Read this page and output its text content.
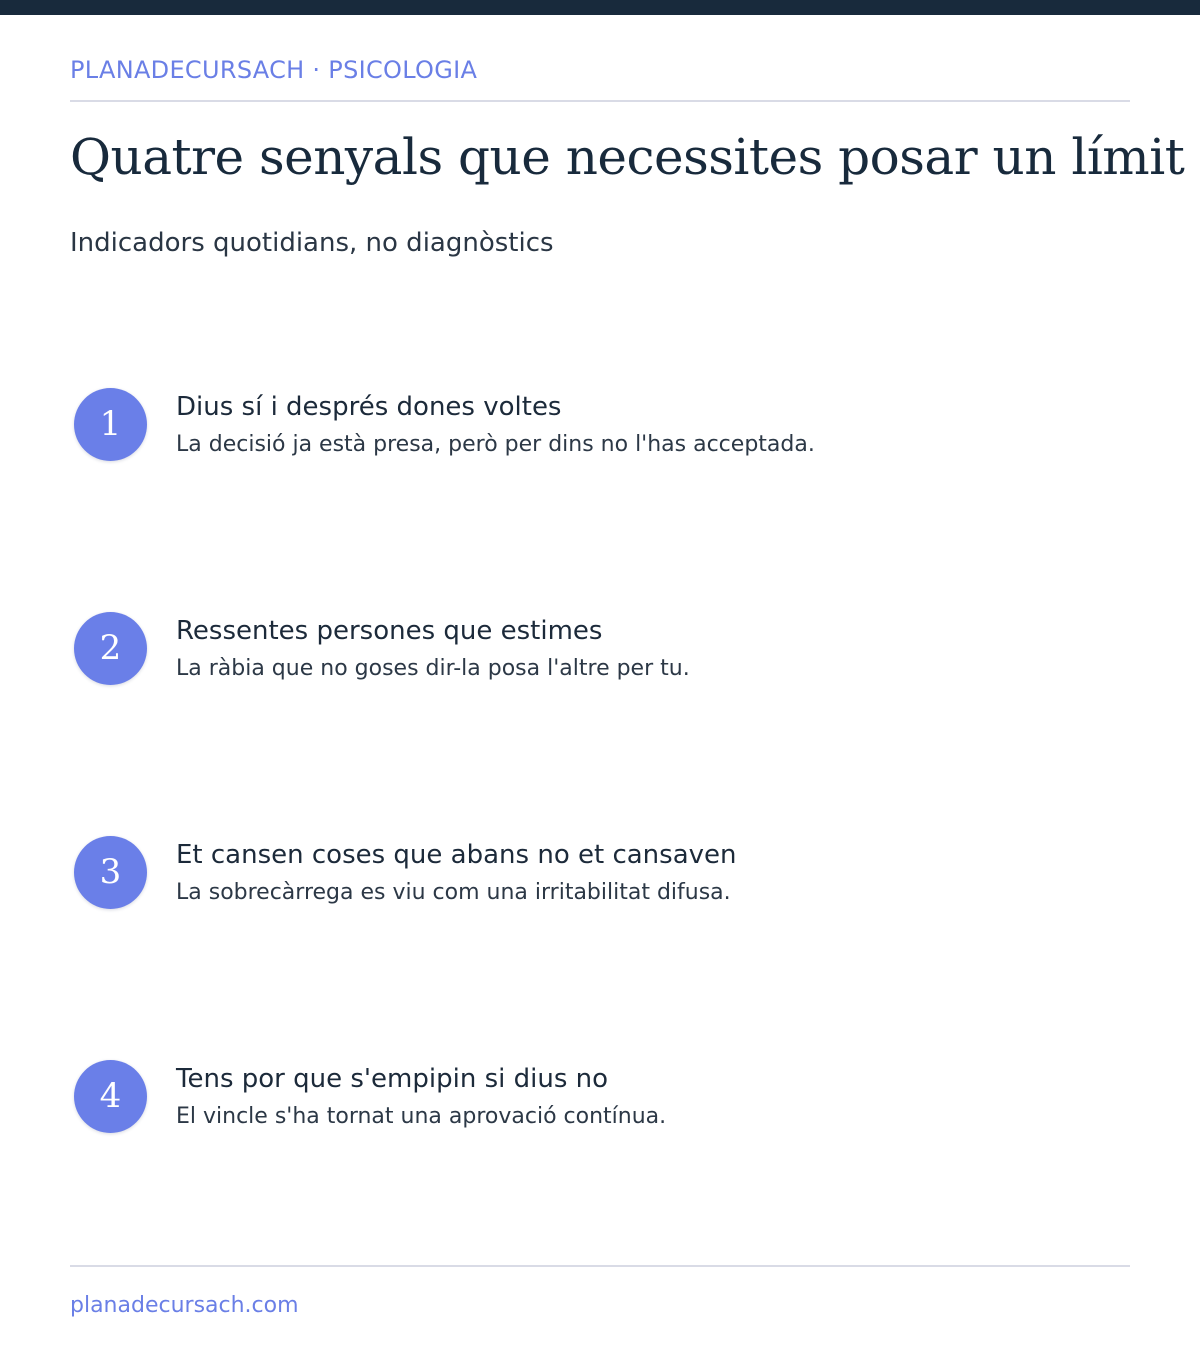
PLANADECURSACH · PSICOLOGIA
Quatre senyals que necessites posar un límit
Indicadors quotidians, no diagnòstics
1	Dius sí i després dones voltes
La decisió ja està presa, però per dins no l'has acceptada.
2	Ressentes persones que estimes
La ràbia que no goses dir-la posa l'altre per tu.
3	Et cansen coses que abans no et cansaven
La sobrecàrrega es viu com una irritabilitat difusa.
4	Tens por que s'empipin si dius no
El vincle s'ha tornat una aprovació contínua.
planadecursach.com
